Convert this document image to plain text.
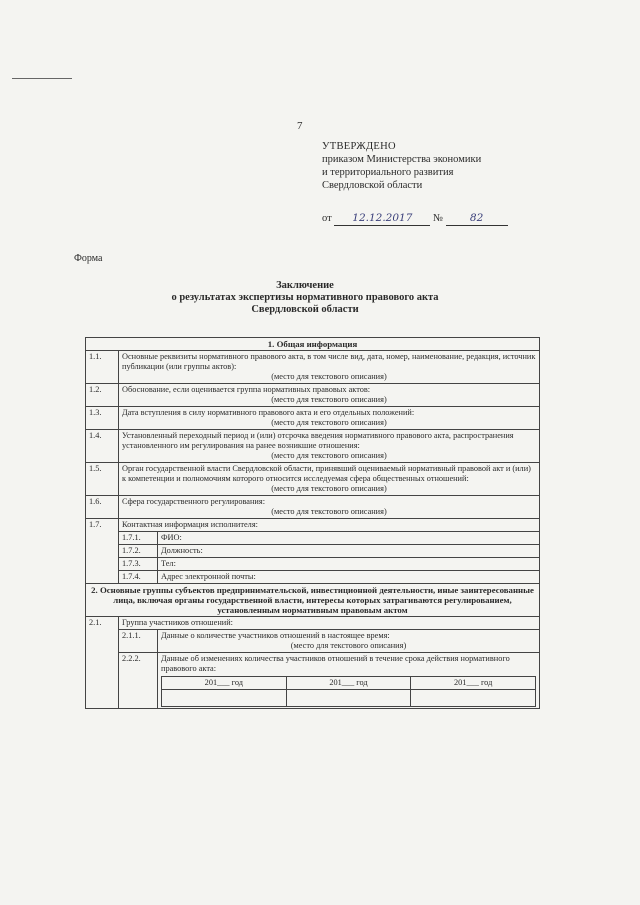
7
УТВЕРЖДЕНО
приказом Министерства экономики
и территориального развития
Свердловской области
от 12.12.2017 №	82
Форма
Заключение
о результатах экспертизы нормативного правового акта
Свердловской области
1. Общая информация
1.1.	Основные реквизиты нормативного правового акта, в том числе вид, дата, номер, наименование, редакция, источник публикации (или группы актов):
(место для текстового описания)

1.2.	Обоснование, если оценивается группа нормативных правовых актов:
(место для текстового описания)

1.3.	Дата вступления в силу нормативного правового акта и его отдельных положений:
(место для текстового описания)

1.4.	Установленный переходный период и (или) отсрочка введения нормативного правового акта, распространения установленного им регулирования на ранее возникшие отношения:
(место для текстового описания)

1.5.	Орган государственной власти Свердловской области, принявший оцениваемый нормативный правовой акт и (или) к компетенции и полномочиям которого относится исследуемая сфера общественных отношений:
(место для текстового описания)

1.6.	Сфера государственного регулирования:
(место для текстового описания)

1.7.	Контактная информация исполнителя:
1.7.1.	ФИО:
1.7.2.	Должность:
1.7.3.	Тел:
1.7.4.	Адрес электронной почты:
2. Основные группы субъектов предпринимательской, инвестиционной деятельности, иные заинтересованные лица, включая органы государственной власти, интересы которых затрагиваются регулированием, установленным нормативным правовым актом
2.1.	Группа участников отношений:
2.1.1.	Данные о количестве участников отношений в настоящее время:
(место для текстового описания)

2.2.2.	Данные об изменениях количества участников отношений в течение срока действия нормативного правового акта:
201___ год	201___ год	201___ год
